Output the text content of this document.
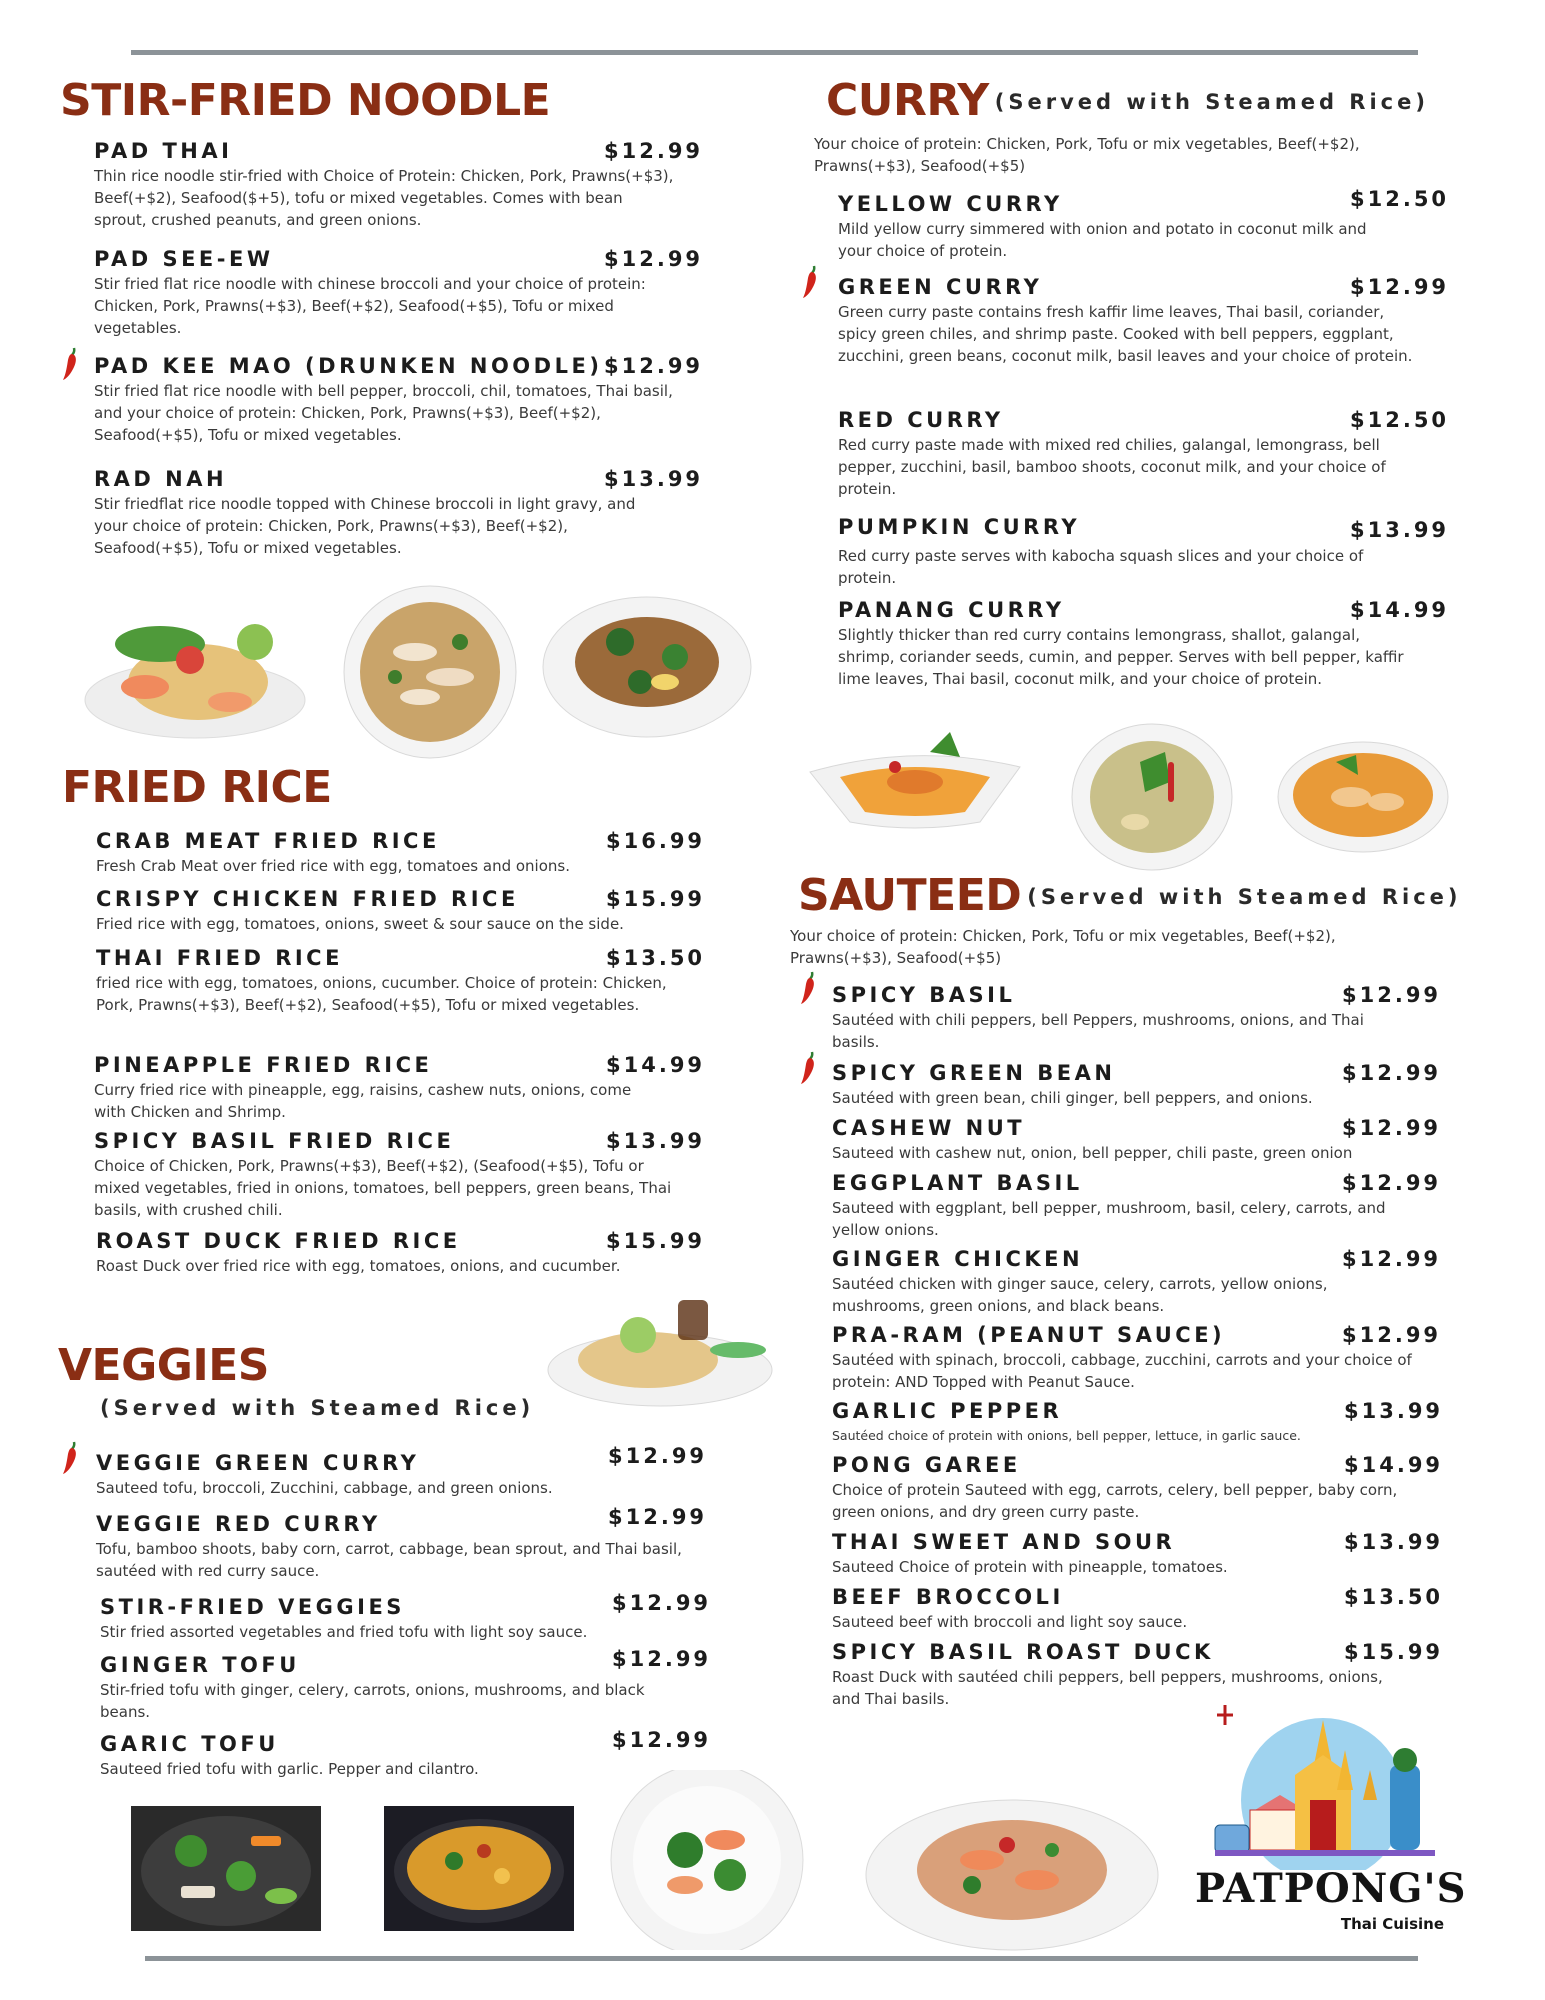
STIR-FRIED NOODLE
PAD THAI	$12.99

Thin rice noodle stir-fried with Choice of Protein: Chicken, Pork, Prawns(+$3), Beef(+$2), Seafood($+5), tofu or mixed vegetables. Comes with bean sprout, crushed peanuts, and green onions.

PAD SEE-EW	$12.99

Stir fried flat rice noodle with chinese broccoli and your choice of protein: Chicken, Pork, Prawns(+$3), Beef(+$2), Seafood(+$5), Tofu or mixed vegetables.

PAD KEE MAO (DRUNKEN NOODLE) $12.99

Stir fried flat rice noodle with bell pepper, broccoli, chil, tomatoes, Thai basil, and your choice of protein: Chicken, Pork, Prawns(+$3), Beef(+$2), Seafood(+$5), Tofu or mixed vegetables.

RAD NAH	$13.99

Stir friedflat rice noodle topped with Chinese broccoli in light gravy, and your choice of protein: Chicken, Pork, Prawns(+$3), Beef(+$2), Seafood(+$5), Tofu or mixed vegetables.

FRIED RICE
CRAB MEAT FRIED RICE	$16.99

Fresh Crab Meat over fried rice with egg, tomatoes and onions.

CRISPY CHICKEN FRIED RICE	$15.99

Fried rice with egg, tomatoes, onions, sweet & sour sauce on the side.

THAI FRIED RICE	$13.50

fried rice with egg, tomatoes, onions, cucumber. Choice of protein: Chicken, Pork, Prawns(+$3), Beef(+$2), Seafood(+$5), Tofu or mixed vegetables.

PINEAPPLE FRIED RICE	$14.99

Curry fried rice with pineapple, egg, raisins, cashew nuts, onions, come with Chicken and Shrimp.

SPICY BASIL FRIED RICE	$13.99

Choice of Chicken, Pork, Prawns(+$3), Beef(+$2), (Seafood(+$5), Tofu or mixed vegetables, fried in onions, tomatoes, bell peppers, green beans, Thai basils, with crushed chili.

ROAST DUCK FRIED RICE	$15.99

Roast Duck over fried rice with egg, tomatoes, onions, and cucumber.

VEGGIES

(Served with Steamed Rice)

VEGGIE GREEN CURRY	$12.99

Sauteed tofu, broccoli, Zucchini, cabbage, and green onions.

VEGGIE RED CURRY	$12.99

Tofu, bamboo shoots, baby corn, carrot, cabbage, bean sprout, and Thai basil, sautéed with red curry sauce.

STIR-FRIED VEGGIES	$12.99

Stir fried assorted vegetables and fried tofu with light soy sauce.

GINGER TOFU	$12.99

Stir-fried tofu with ginger, celery, carrots, onions, mushrooms, and black beans.

GARIC TOFU	$12.99

Sauteed fried tofu with garlic. Pepper and cilantro.

CURRY (Served with Steamed Rice)

Your choice of protein: Chicken, Pork, Tofu or mix vegetables, Beef(+$2), Prawns(+$3), Seafood(+$5)

YELLOW CURRY	$12.50

Mild yellow curry simmered with onion and potato in coconut milk and your choice of protein.

GREEN CURRY	$12.99

Green curry paste contains fresh kaffir lime leaves, Thai basil, coriander, spicy green chiles, and shrimp paste. Cooked with bell peppers, eggplant, zucchini, green beans, coconut milk, basil leaves and your choice of protein.

RED CURRY	$12.50

Red curry paste made with mixed red chilies, galangal, lemongrass, bell pepper, zucchini, basil, bamboo shoots, coconut milk, and your choice of protein.

PUMPKIN CURRY	$13.99

Red curry paste serves with kabocha squash slices and your choice of protein.

PANANG CURRY	$14.99

Slightly thicker than red curry contains lemongrass, shallot, galangal, shrimp, coriander seeds, cumin, and pepper. Serves with bell pepper, kaffir lime leaves, Thai basil, coconut milk, and your choice of protein.

SAUTEED (Served with Steamed Rice)

Your choice of protein: Chicken, Pork, Tofu or mix vegetables, Beef(+$2), Prawns(+$3), Seafood(+$5)

SPICY BASIL	$12.99

Sautéed with chili peppers, bell Peppers, mushrooms, onions, and Thai basils.

SPICY GREEN BEAN	$12.99

Sautéed with green bean, chili ginger, bell peppers, and onions.

CASHEW NUT	$12.99

Sauteed with cashew nut, onion, bell pepper, chili paste, green onion

EGGPLANT BASIL	$12.99

Sauteed with eggplant, bell pepper, mushroom, basil, celery, carrots, and yellow onions.

GINGER CHICKEN	$12.99

Sautéed chicken with ginger sauce, celery, carrots, yellow onions, mushrooms, green onions, and black beans.

PRA-RAM (PEANUT SAUCE)	$12.99

Sautéed with spinach, broccoli, cabbage, zucchini, carrots and your choice of protein: AND Topped with Peanut Sauce.

GARLIC PEPPER	$13.99

Sautéed choice of protein with onions, bell pepper, lettuce, in garlic sauce.

PONG GAREE	$14.99

Choice of protein Sauteed with egg, carrots, celery, bell pepper, baby corn, green onions, and dry green curry paste.

THAI SWEET AND SOUR	$13.99

Sauteed Choice of protein with pineapple, tomatoes.

BEEF BROCCOLI	$13.50

Sauteed beef with broccoli and light soy sauce.

SPICY BASIL ROAST DUCK	$15.99

Roast Duck with sautéed chili peppers, bell peppers, mushrooms, onions, and Thai basils.

PATPONG'S

Thai Cuisine
